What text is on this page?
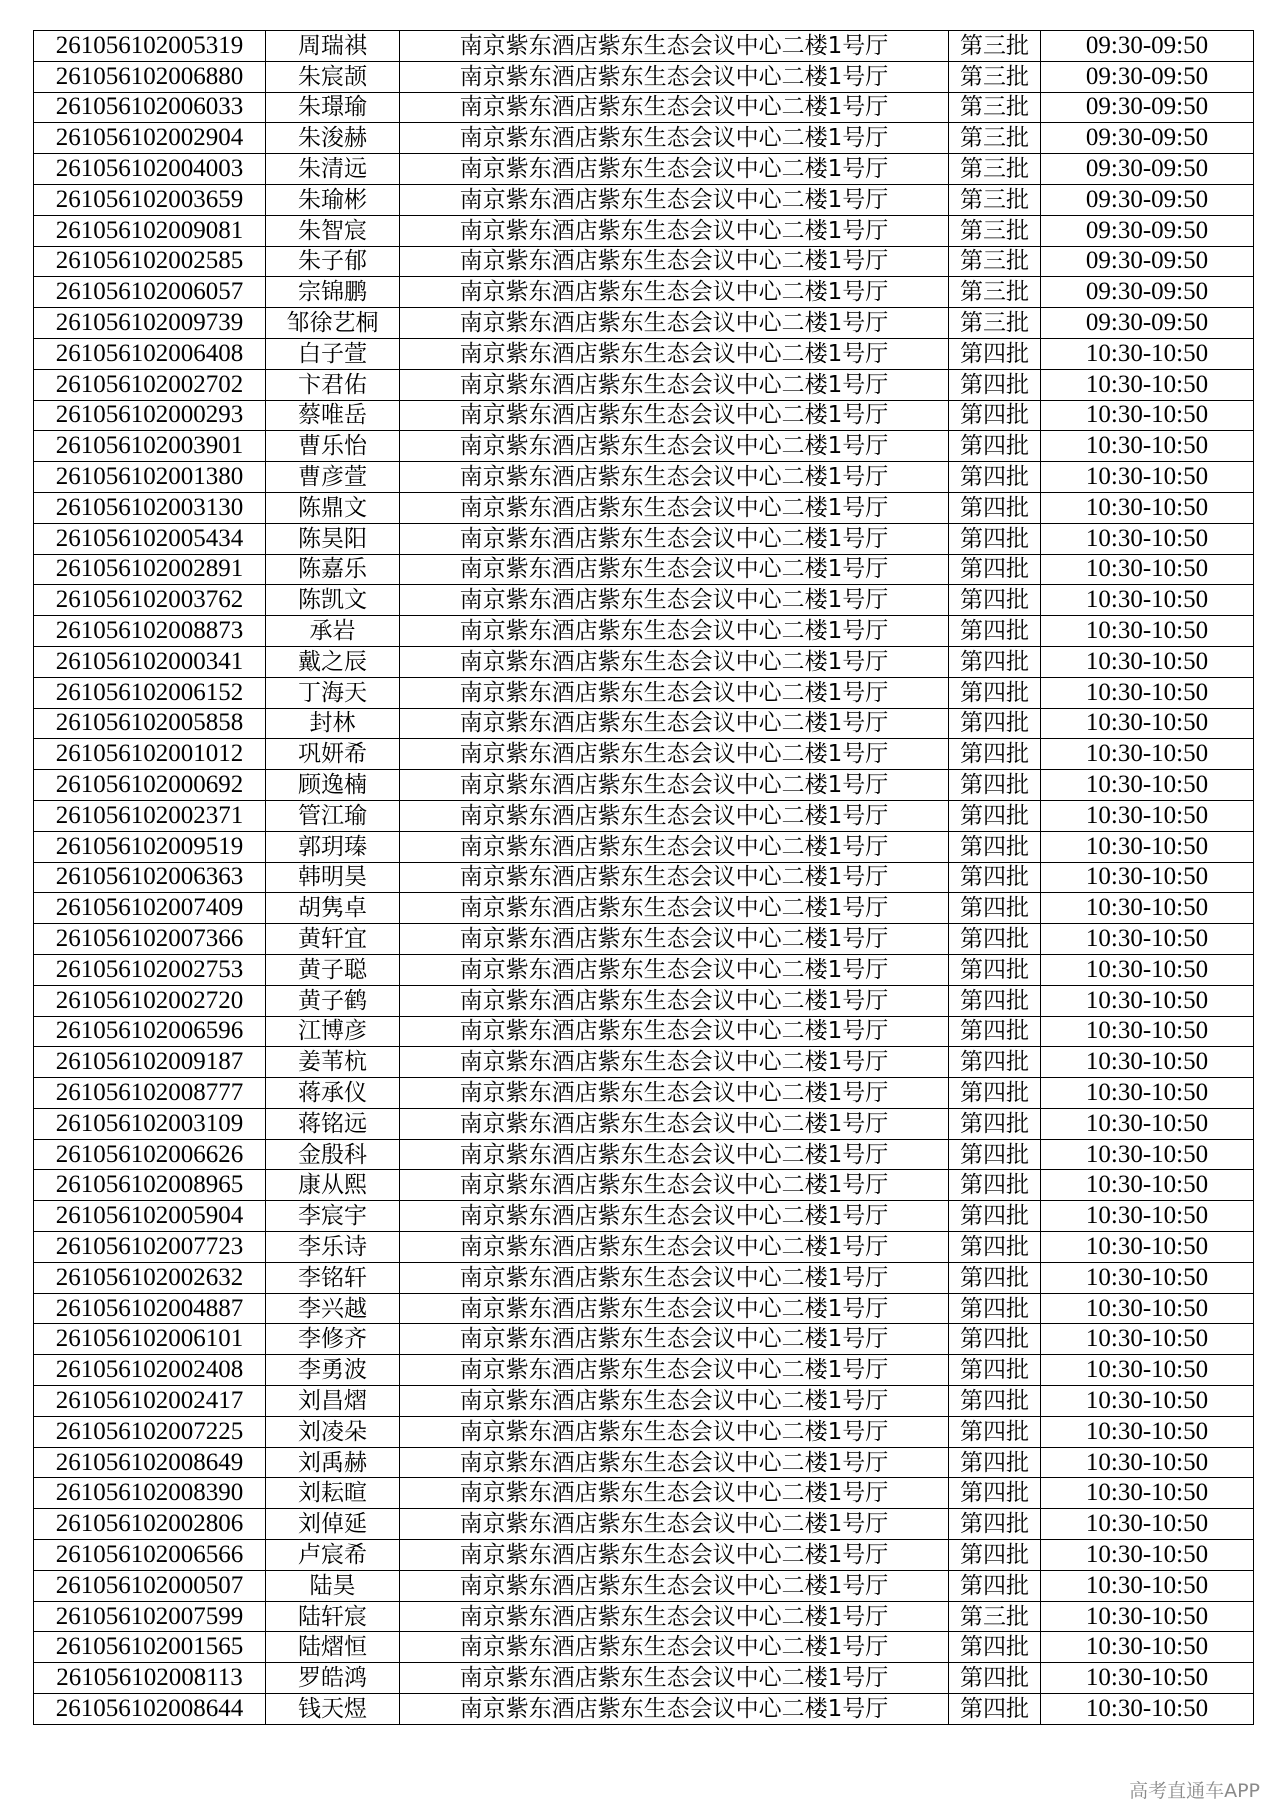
261056102005319	周瑞祺	南京紫东酒店紫东生态会议中心二楼1号厅	第三批	09:30-09:50
261056102006880	朱宸颉	南京紫东酒店紫东生态会议中心二楼1号厅	第三批	09:30-09:50
261056102006033	朱璟瑜	南京紫东酒店紫东生态会议中心二楼1号厅	第三批	09:30-09:50
261056102002904	朱浚赫	南京紫东酒店紫东生态会议中心二楼1号厅	第三批	09:30-09:50
261056102004003	朱清远	南京紫东酒店紫东生态会议中心二楼1号厅	第三批	09:30-09:50
261056102003659	朱瑜彬	南京紫东酒店紫东生态会议中心二楼1号厅	第三批	09:30-09:50
261056102009081	朱智宸	南京紫东酒店紫东生态会议中心二楼1号厅	第三批	09:30-09:50
261056102002585	朱子郁	南京紫东酒店紫东生态会议中心二楼1号厅	第三批	09:30-09:50
261056102006057	宗锦鹏	南京紫东酒店紫东生态会议中心二楼1号厅	第三批	09:30-09:50
261056102009739	邹徐艺桐	南京紫东酒店紫东生态会议中心二楼1号厅	第三批	09:30-09:50
261056102006408	白子萱	南京紫东酒店紫东生态会议中心二楼1号厅	第四批	10:30-10:50
261056102002702	卞君佑	南京紫东酒店紫东生态会议中心二楼1号厅	第四批	10:30-10:50
261056102000293	蔡唯岳	南京紫东酒店紫东生态会议中心二楼1号厅	第四批	10:30-10:50
261056102003901	曹乐怡	南京紫东酒店紫东生态会议中心二楼1号厅	第四批	10:30-10:50
261056102001380	曹彦萱	南京紫东酒店紫东生态会议中心二楼1号厅	第四批	10:30-10:50
261056102003130	陈鼎文	南京紫东酒店紫东生态会议中心二楼1号厅	第四批	10:30-10:50
261056102005434	陈昊阳	南京紫东酒店紫东生态会议中心二楼1号厅	第四批	10:30-10:50
261056102002891	陈嘉乐	南京紫东酒店紫东生态会议中心二楼1号厅	第四批	10:30-10:50
261056102003762	陈凯文	南京紫东酒店紫东生态会议中心二楼1号厅	第四批	10:30-10:50
261056102008873	承岩	南京紫东酒店紫东生态会议中心二楼1号厅	第四批	10:30-10:50
261056102000341	戴之辰	南京紫东酒店紫东生态会议中心二楼1号厅	第四批	10:30-10:50
261056102006152	丁海天	南京紫东酒店紫东生态会议中心二楼1号厅	第四批	10:30-10:50
261056102005858	封林	南京紫东酒店紫东生态会议中心二楼1号厅	第四批	10:30-10:50
261056102001012	巩妍希	南京紫东酒店紫东生态会议中心二楼1号厅	第四批	10:30-10:50
261056102000692	顾逸楠	南京紫东酒店紫东生态会议中心二楼1号厅	第四批	10:30-10:50
261056102002371	管江瑜	南京紫东酒店紫东生态会议中心二楼1号厅	第四批	10:30-10:50
261056102009519	郭玥瑧	南京紫东酒店紫东生态会议中心二楼1号厅	第四批	10:30-10:50
261056102006363	韩明昊	南京紫东酒店紫东生态会议中心二楼1号厅	第四批	10:30-10:50
261056102007409	胡隽卓	南京紫东酒店紫东生态会议中心二楼1号厅	第四批	10:30-10:50
261056102007366	黄轩宜	南京紫东酒店紫东生态会议中心二楼1号厅	第四批	10:30-10:50
261056102002753	黄子聪	南京紫东酒店紫东生态会议中心二楼1号厅	第四批	10:30-10:50
261056102002720	黄子鹤	南京紫东酒店紫东生态会议中心二楼1号厅	第四批	10:30-10:50
261056102006596	江博彦	南京紫东酒店紫东生态会议中心二楼1号厅	第四批	10:30-10:50
261056102009187	姜苇杭	南京紫东酒店紫东生态会议中心二楼1号厅	第四批	10:30-10:50
261056102008777	蒋承仪	南京紫东酒店紫东生态会议中心二楼1号厅	第四批	10:30-10:50
261056102003109	蒋铭远	南京紫东酒店紫东生态会议中心二楼1号厅	第四批	10:30-10:50
261056102006626	金殷科	南京紫东酒店紫东生态会议中心二楼1号厅	第四批	10:30-10:50
261056102008965	康从熙	南京紫东酒店紫东生态会议中心二楼1号厅	第四批	10:30-10:50
261056102005904	李宸宇	南京紫东酒店紫东生态会议中心二楼1号厅	第四批	10:30-10:50
261056102007723	李乐诗	南京紫东酒店紫东生态会议中心二楼1号厅	第四批	10:30-10:50
261056102002632	李铭轩	南京紫东酒店紫东生态会议中心二楼1号厅	第四批	10:30-10:50
261056102004887	李兴越	南京紫东酒店紫东生态会议中心二楼1号厅	第四批	10:30-10:50
261056102006101	李修齐	南京紫东酒店紫东生态会议中心二楼1号厅	第四批	10:30-10:50
261056102002408	李勇波	南京紫东酒店紫东生态会议中心二楼1号厅	第四批	10:30-10:50
261056102002417	刘昌熠	南京紫东酒店紫东生态会议中心二楼1号厅	第四批	10:30-10:50
261056102007225	刘凌朵	南京紫东酒店紫东生态会议中心二楼1号厅	第四批	10:30-10:50
261056102008649	刘禹赫	南京紫东酒店紫东生态会议中心二楼1号厅	第四批	10:30-10:50
261056102008390	刘耘暄	南京紫东酒店紫东生态会议中心二楼1号厅	第四批	10:30-10:50
261056102002806	刘倬延	南京紫东酒店紫东生态会议中心二楼1号厅	第四批	10:30-10:50
261056102006566	卢宸希	南京紫东酒店紫东生态会议中心二楼1号厅	第四批	10:30-10:50
261056102000507	陆昊	南京紫东酒店紫东生态会议中心二楼1号厅	第四批	10:30-10:50
261056102007599	陆轩宸	南京紫东酒店紫东生态会议中心二楼1号厅	第三批	10:30-10:50
261056102001565	陆熠恒	南京紫东酒店紫东生态会议中心二楼1号厅	第四批	10:30-10:50
261056102008113	罗皓鸿	南京紫东酒店紫东生态会议中心二楼1号厅	第四批	10:30-10:50
261056102008644	钱天煜	南京紫东酒店紫东生态会议中心二楼1号厅	第四批	10:30-10:50
高考直通车APP
